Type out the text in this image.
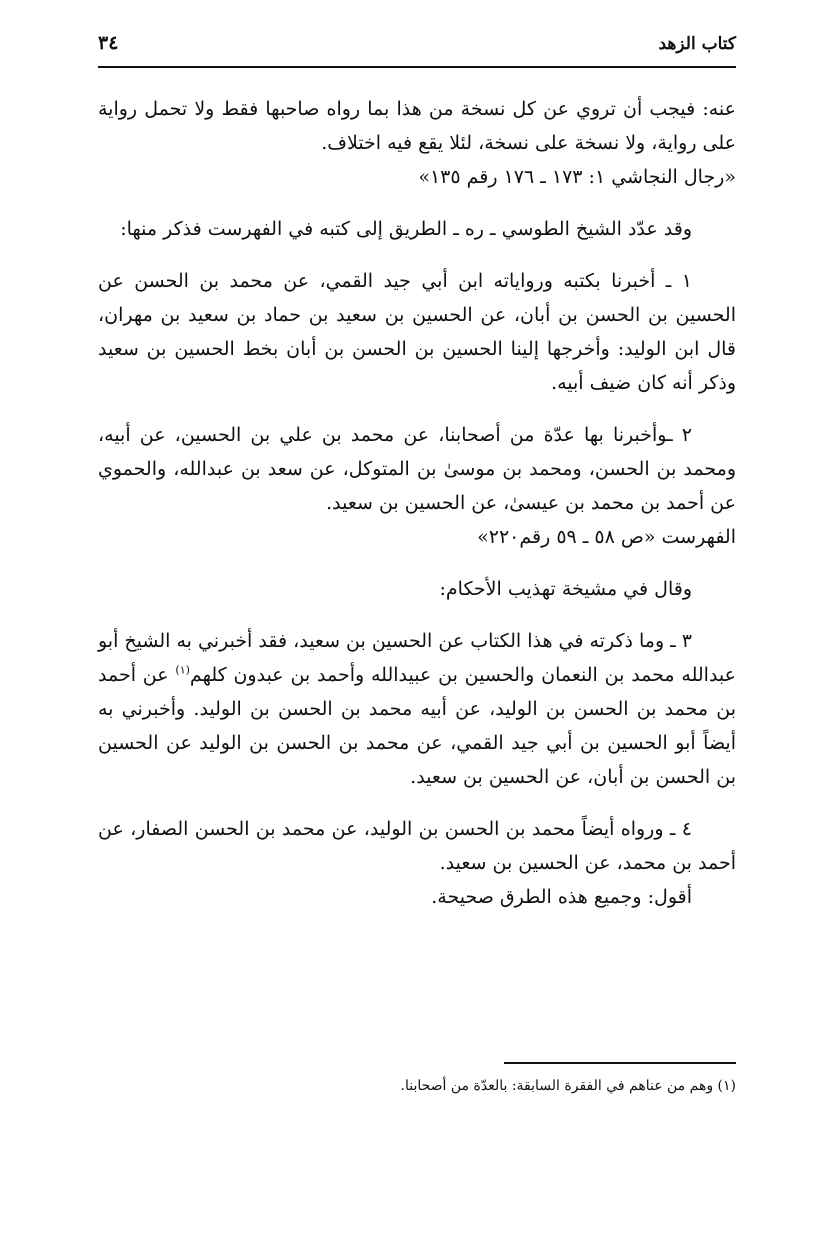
كتاب الزهد
٣٤

عنه: فيجب أن تروي عن كل نسخة من هذا بما رواه صاحبها فقط ولا تحمل رواية على رواية، ولا نسخة على نسخة، لئلا يقع فيه اختلاف.

«رجال النجاشي ١: ١٧٣ ـ ١٧٦ رقم ١٣٥»

وقد عدّد الشيخ الطوسي ـ ره ـ الطريق إلى كتبه في الفهرست فذكر منها:

١ ـ أخبرنا بكتبه ورواياته ابن أبي جيد القمي، عن محمد بن الحسن عن الحسين بن الحسن بن أبان، عن الحسين بن سعيد بن حماد بن سعيد بن مهران، قال ابن الوليد: وأخرجها إلينا الحسين بن الحسن بن أبان بخط الحسين بن سعيد وذكر أنه كان ضيف أبيه.

٢ ـوأخبرنا بها عدّة من أصحابنا، عن محمد بن علي بن الحسين، عن أبيه، ومحمد بن الحسن، ومحمد بن موسىٰ بن المتوكل، عن سعد بن عبدالله، والحموي عن أحمد بن محمد بن عيسىٰ، عن الحسين بن سعيد.

الفهرست «ص ٥٨ ـ ٥٩ رقم٢٢٠»

وقال في مشيخة تهذيب الأحكام:

٣ ـ وما ذكرته في هذا الكتاب عن الحسين بن سعيد، فقد أخبرني به الشيخ أبو عبدالله محمد بن النعمان والحسين بن عبيدالله وأحمد بن عبدون كلهم$^{(١)}$ عن أحمد بن محمد بن الحسن بن الوليد، عن أبيه محمد بن الحسن بن الوليد. وأخبرني به أيضاً أبو الحسين بن أبي جيد القمي، عن محمد بن الحسن بن الوليد عن الحسين بن الحسن بن أبان، عن الحسين بن سعيد.

٤ ـ ورواه أيضاً محمد بن الحسن بن الوليد، عن محمد بن الحسن الصفار، عن أحمد بن محمد، عن الحسين بن سعيد.

أقول: وجميع هذه الطرق صحيحة.

(١) وهم من عناهم في الفقرة السابقة: بالعدّة من أصحابنا.
